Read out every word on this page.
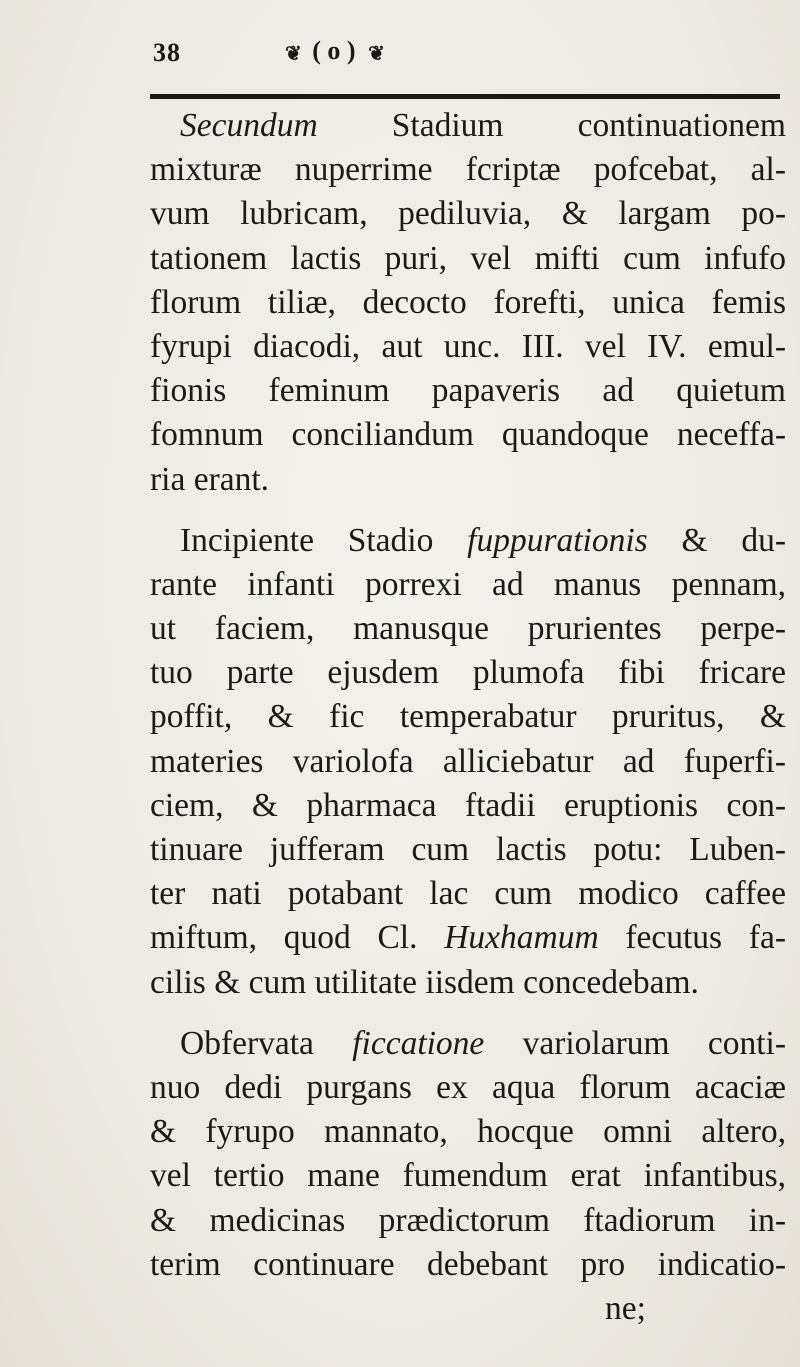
38	❦ ( o ) ❦
Secundum Stadium continuationem
mixturæ nuperrime fcriptæ pofcebat, al-
vum lubricam, pediluvia, & largam po-
tationem lactis puri, vel mifti cum infufo
florum tiliæ, decocto forefti, unica femis
fyrupi diacodi, aut unc. III. vel IV. emul-
fionis feminum papaveris ad quietum
fomnum conciliandum quandoque neceffa-
ria erant.
Incipiente Stadio fuppurationis & du-
rante infanti porrexi ad manus pennam,
ut faciem, manusque prurientes perpe-
tuo parte ejusdem plumofa fibi fricare
poffit, & fic temperabatur pruritus, &
materies variolofa alliciebatur ad fuperfi-
ciem, & pharmaca ftadii eruptionis con-
tinuare jufferam cum lactis potu: Luben-
ter nati potabant lac cum modico caffee
miftum, quod Cl. Huxhamum fecutus fa-
cilis & cum utilitate iisdem concedebam.
Obfervata ficcatione variolarum conti-
nuo dedi purgans ex aqua florum acaciæ
& fyrupo mannato, hocque omni altero,
vel tertio mane fumendum erat infantibus,
& medicinas prædictorum ftadiorum in-
terim continuare debebant pro indicatio-
ne;
